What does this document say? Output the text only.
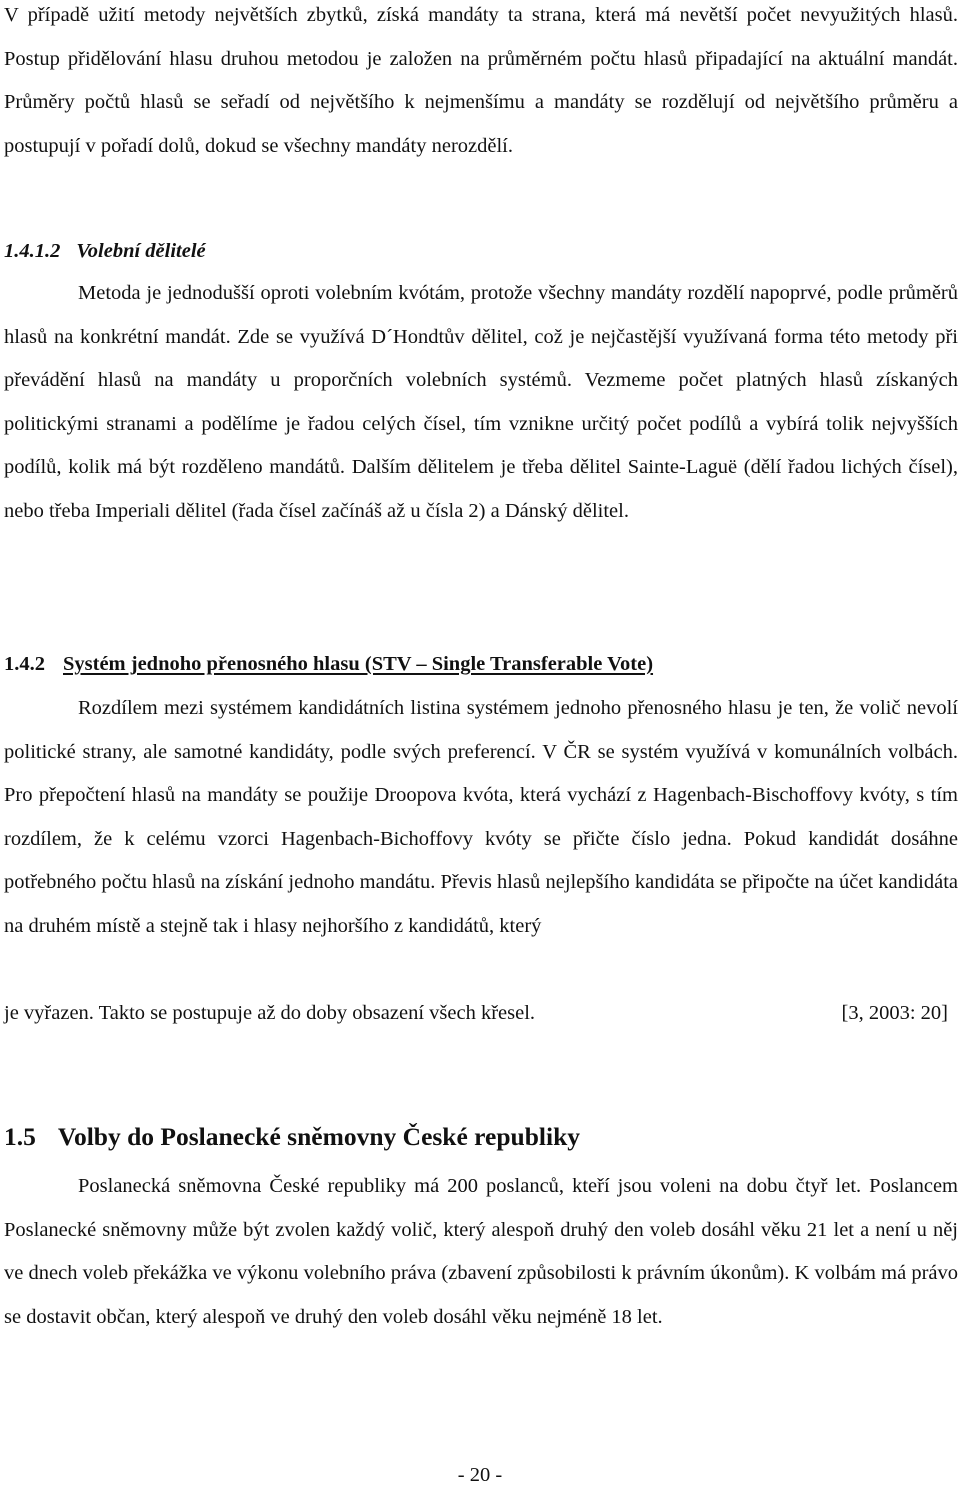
V případě užití metody největších zbytků, získá mandáty ta strana, která má nevětší počet nevyužitých hlasů. Postup přidělování hlasu druhou metodou je založen na průměrném počtu hlasů připadající na aktuální mandát. Průměry počtů hlasů se seřadí od největšího k nejmenšímu a mandáty se rozdělují od největšího průměru a postupují v pořadí dolů, dokud se všechny mandáty nerozdělí.

1.4.1.2 Volební dělitelé

Metoda je jednodušší oproti volebním kvótám, protože všechny mandáty rozdělí napoprvé, podle průměrů hlasů na konkrétní mandát. Zde se využívá D´Hondtův dělitel, což je nejčastější využívaná forma této metody při převádění hlasů na mandáty u proporčních volebních systémů. Vezmeme počet platných hlasů získaných politickými stranami a podělíme je řadou celých čísel, tím vznikne určitý počet podílů a vybírá tolik nejvyšších podílů, kolik má být rozděleno mandátů. Dalším dělitelem je třeba dělitel Sainte-Laguë (dělí řadou lichých čísel), nebo třeba Imperiali dělitel (řada čísel začínáš až u čísla 2) a Dánský dělitel.

1.4.2 Systém jednoho přenosného hlasu (STV – Single Transferable Vote)

Rozdílem mezi systémem kandidátních listina systémem jednoho přenosného hlasu je ten, že volič nevolí politické strany, ale samotné kandidáty, podle svých preferencí. V ČR se systém využívá v komunálních volbách. Pro přepočtení hlasů na mandáty se použije Droopova kvóta, která vychází z Hagenbach-Bischoffovy kvóty, s tím rozdílem, že k celému vzorci Hagenbach-Bichoffovy kvóty se přičte číslo jedna. Pokud kandidát dosáhne potřebného počtu hlasů na získání jednoho mandátu. Převis hlasů nejlepšího kandidáta se připočte na účet kandidáta na druhém místě a stejně tak i hlasy nejhoršího z kandidátů, který

je vyřazen. Takto se postupuje až do doby obsazení všech křesel.	[3, 2003: 20]
1.5 Volby do Poslanecké sněmovny České republiky

Poslanecká sněmovna České republiky má 200 poslanců, kteří jsou voleni na dobu čtyř let. Poslancem Poslanecké sněmovny může být zvolen každý volič, který alespoň druhý den voleb dosáhl věku 21 let a není u něj ve dnech voleb překážka ve výkonu volebního práva (zbavení způsobilosti k právním úkonům). K volbám má právo se dostavit občan, který alespoň ve druhý den voleb dosáhl věku nejméně 18 let.

- 20 -
